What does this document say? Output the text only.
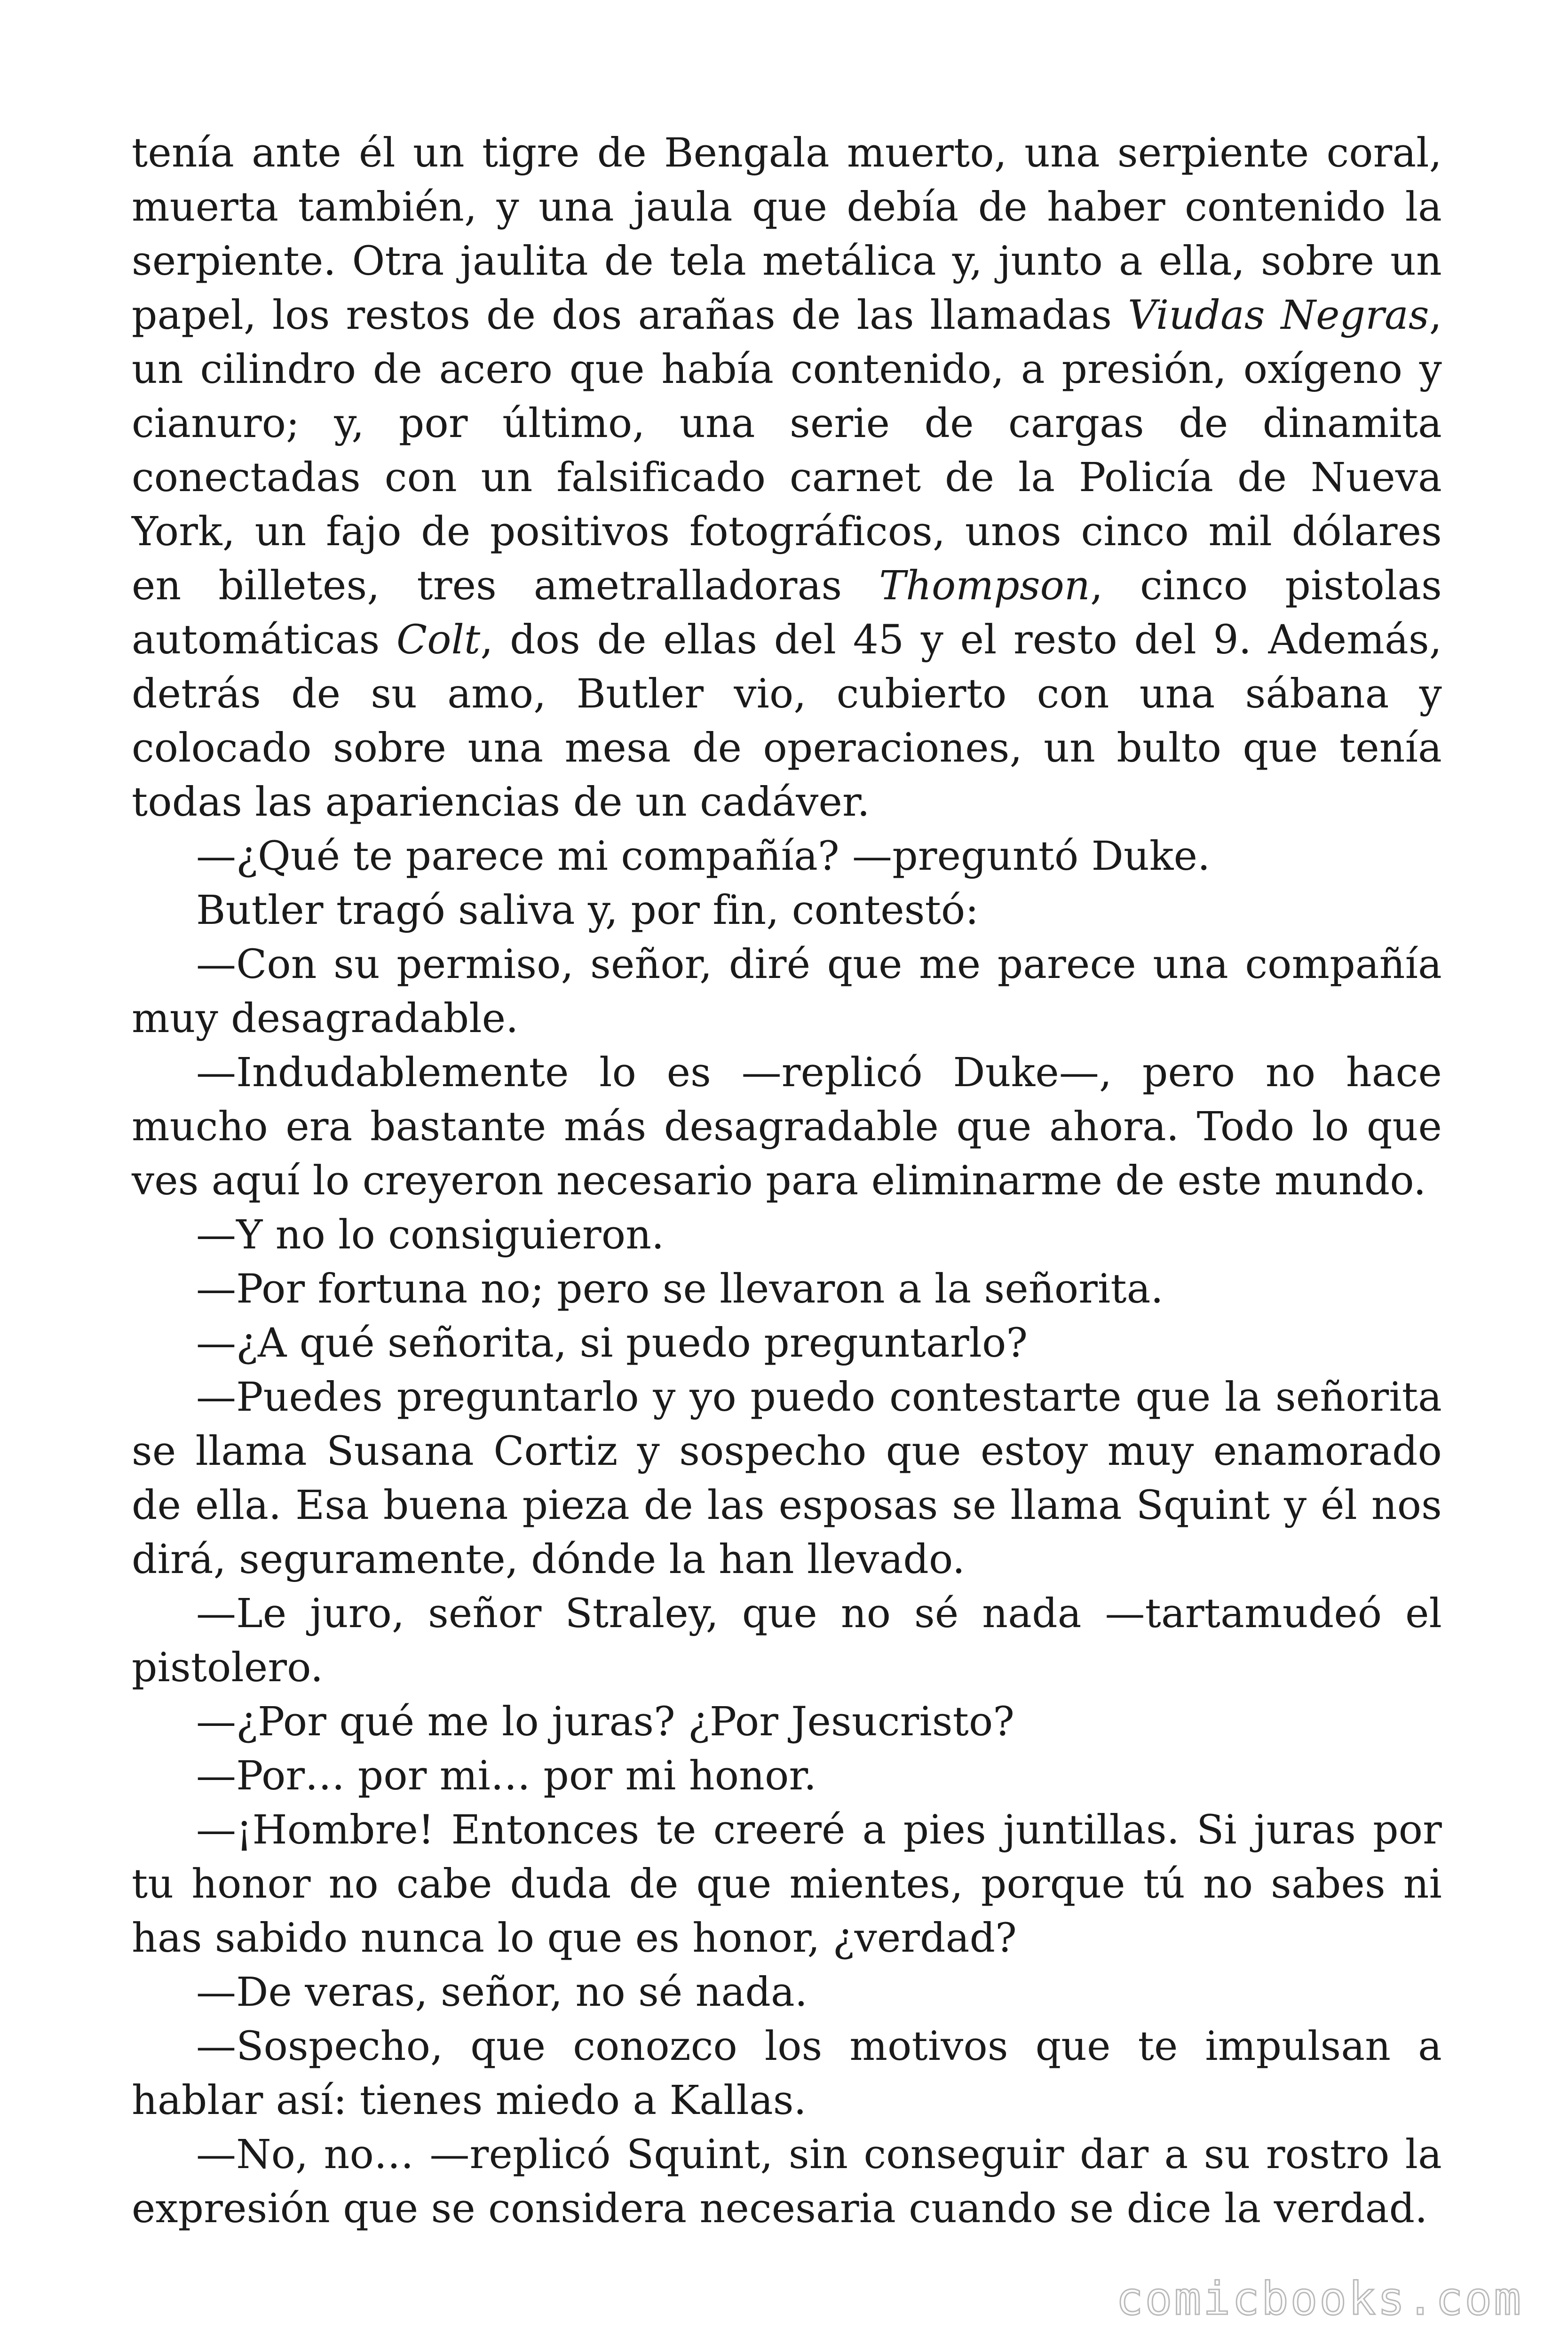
tenía ante él un tigre de Bengala muerto, una serpiente coral, muerta también, y una jaula que debía de haber contenido la serpiente. Otra jaulita de tela metálica y, junto a ella, sobre un papel, los restos de dos arañas de las llamadas Viudas Negras, un cilindro de acero que había contenido, a presión, oxígeno y cianuro; y, por último, una serie de cargas de dinamita conectadas con un falsificado carnet de la Policía de Nueva York, un fajo de positivos fotográficos, unos cinco mil dólares en billetes, tres ametralladoras Thompson, cinco pistolas automáticas Colt, dos de ellas del 45 y el resto del 9. Además, detrás de su amo, Butler vio, cubierto con una sábana y colocado sobre una mesa de operaciones, un bulto que tenía todas las apariencias de un cadáver.

—¿Qué te parece mi compañía? —preguntó Duke.

Butler tragó saliva y, por fin, contestó:

—Con su permiso, señor, diré que me parece una compañía muy desagradable.

—Indudablemente lo es —replicó Duke—, pero no hace mucho era bastante más desagradable que ahora. Todo lo que ves aquí lo creyeron necesario para eliminarme de este mundo.

—Y no lo consiguieron.

—Por fortuna no; pero se llevaron a la señorita.

—¿A qué señorita, si puedo preguntarlo?

—Puedes preguntarlo y yo puedo contestarte que la señorita se llama Susana Cortiz y sospecho que estoy muy enamorado de ella. Esa buena pieza de las esposas se llama Squint y él nos dirá, seguramente, dónde la han llevado.

—Le juro, señor Straley, que no sé nada —tartamudeó el pistolero.

—¿Por qué me lo juras? ¿Por Jesucristo?

—Por… por mi… por mi honor.

—¡Hombre! Entonces te creeré a pies juntillas. Si juras por tu honor no cabe duda de que mientes, porque tú no sabes ni has sabido nunca lo que es honor, ¿verdad?

—De veras, señor, no sé nada.

—Sospecho, que conozco los motivos que te impulsan a hablar así: tienes miedo a Kallas.

—No, no… —replicó Squint, sin conseguir dar a su rostro la expresión que se considera necesaria cuando se dice la verdad.

comicbooks.com
